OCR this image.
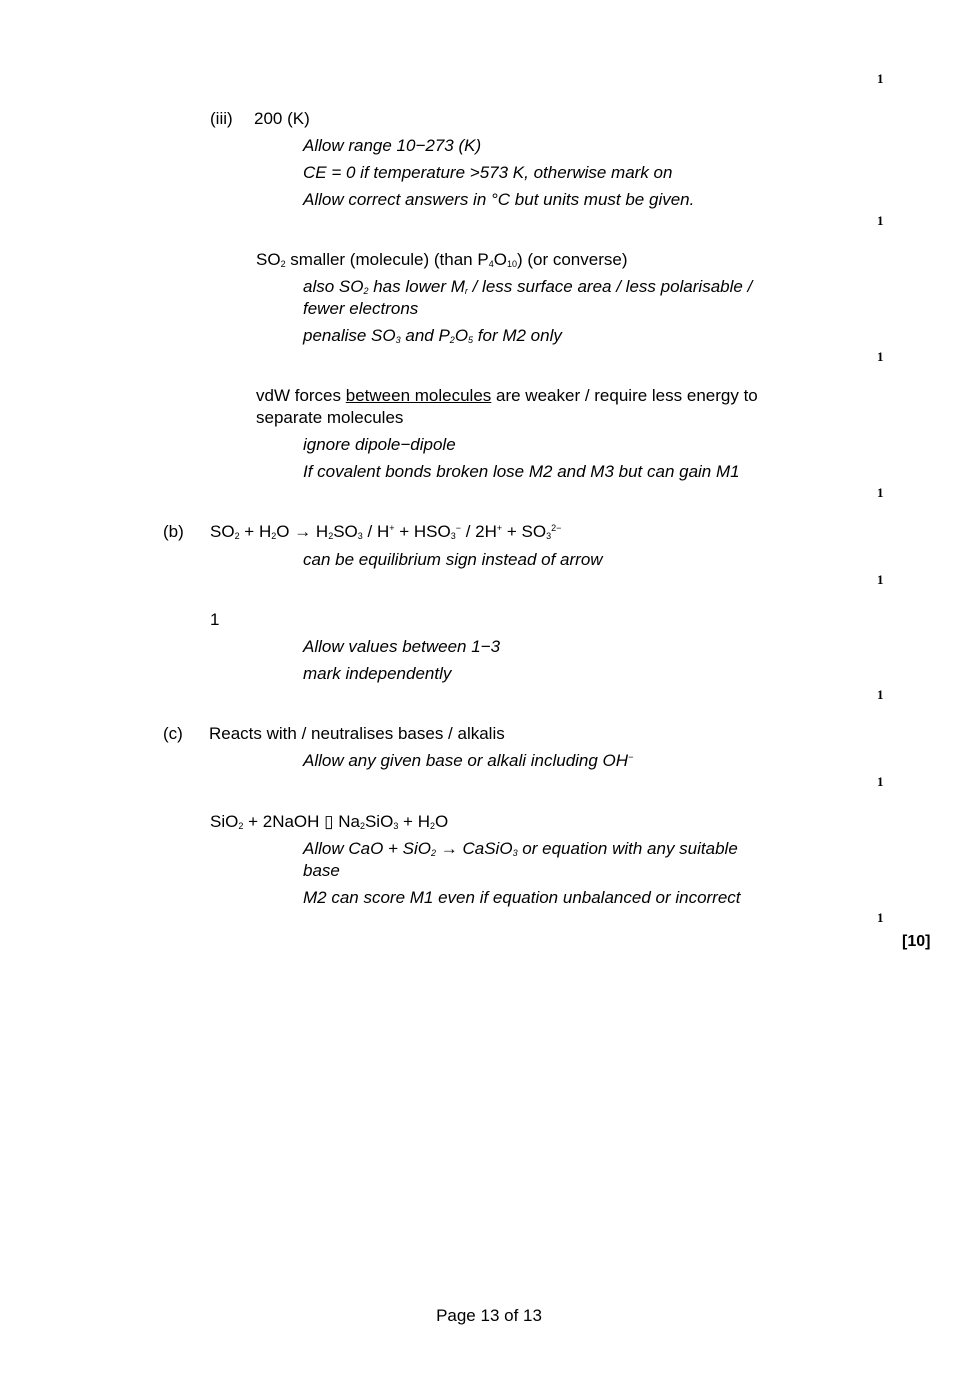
1
1
1
1
1
1
1
1
[10]
(iii) 200 (K)
Allow range 10−273 (K)
CE = 0 if temperature >573 K, otherwise mark on
Allow correct answers in °C but units must be given.
$SO_2$ smaller (molecule) (than $P_4O_{10}$) (or converse)
also $SO_2$ has lower $M_r$ / less surface area / less polarisable /
fewer electrons
penalise $SO_3$ and $P_2O_5$ for M2 only
vdW forces between molecules are weaker / require less energy to
separate molecules
ignore dipole−dipole
If covalent bonds broken lose M2 and M3 but can gain M1
(b) $SO_2 + H_2O \to H_2SO_3 / H^+ + HSO_3^- / 2H^+ + SO_3^{2-}$
can be equilibrium sign instead of arrow
1
Allow values between 1−3
mark independently
(c) Reacts with / neutralises bases / alkalis
Allow any given base or alkali including OH−
SiO$_2$ + 2NaOH ▯ $Na_2SiO_3 + H_2O$
Allow CaO + SiO$_2$ → CaSiO$_3$ or equation with any suitable
base
M2 can score M1 even if equation unbalanced or incorrect
Page 13 of 13
